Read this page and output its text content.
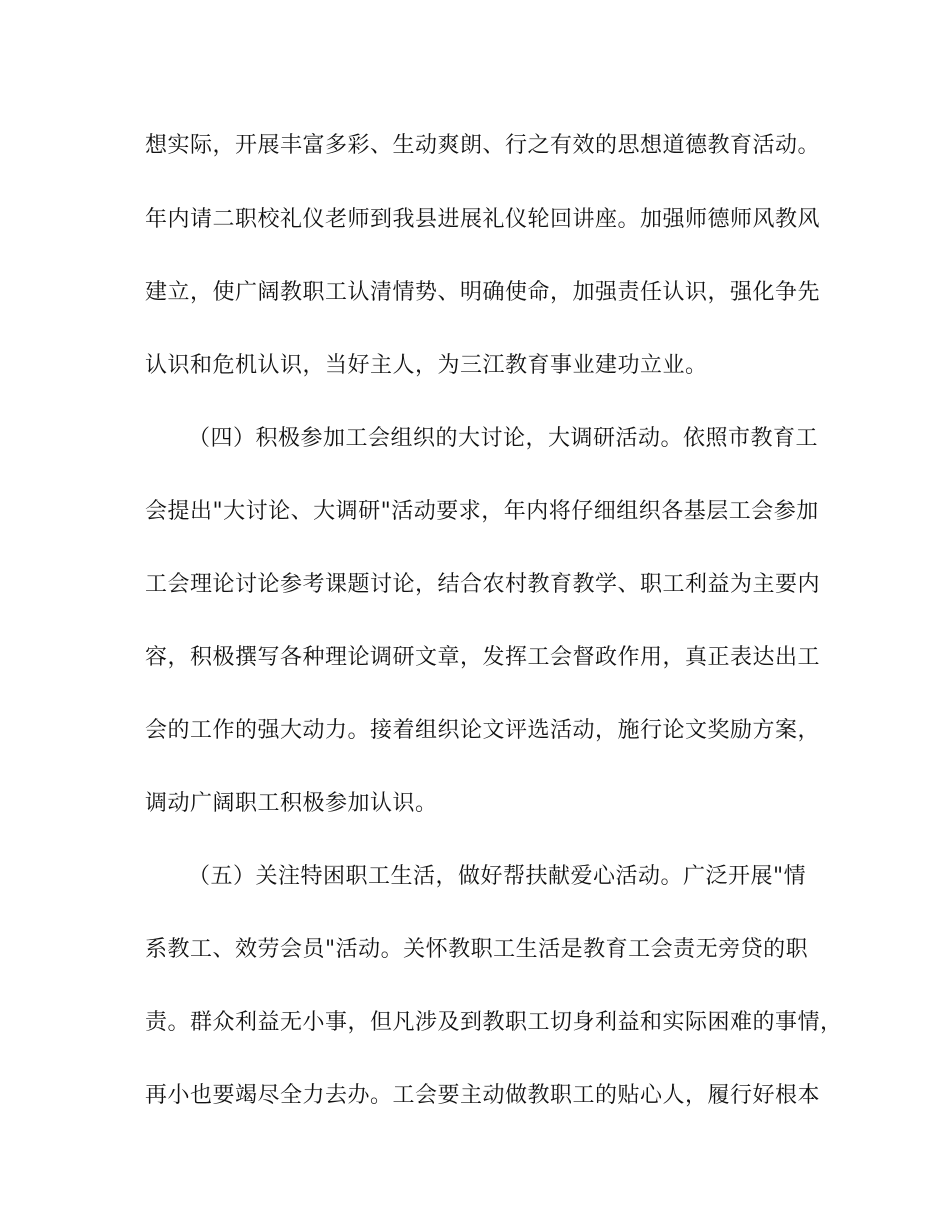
想实际，开展丰富多彩、生动爽朗、行之有效的思想道德教育活动。

年内请二职校礼仪老师到我县进展礼仪轮回讲座。加强师德师风教风

建立，使广阔教职工认清情势、明确使命，加强责任认识，强化争先

认识和危机认识，当好主人，为三江教育事业建功立业。

（四）积极参加工会组织的大讨论，大调研活动。依照市教育工

会提出"大讨论、大调研"活动要求，年内将仔细组织各基层工会参加

工会理论讨论参考课题讨论，结合农村教育教学、职工利益为主要内

容，积极撰写各种理论调研文章，发挥工会督政作用，真正表达出工

会的工作的强大动力。接着组织论文评选活动，施行论文奖励方案，

调动广阔职工积极参加认识。

（五）关注特困职工生活，做好帮扶献爱心活动。广泛开展"情

系教工、效劳会员"活动。关怀教职工生活是教育工会责无旁贷的职

责。群众利益无小事，但凡涉及到教职工切身利益和实际困难的事情，

再小也要竭尽全力去办。工会要主动做教职工的贴心人，履行好根本
